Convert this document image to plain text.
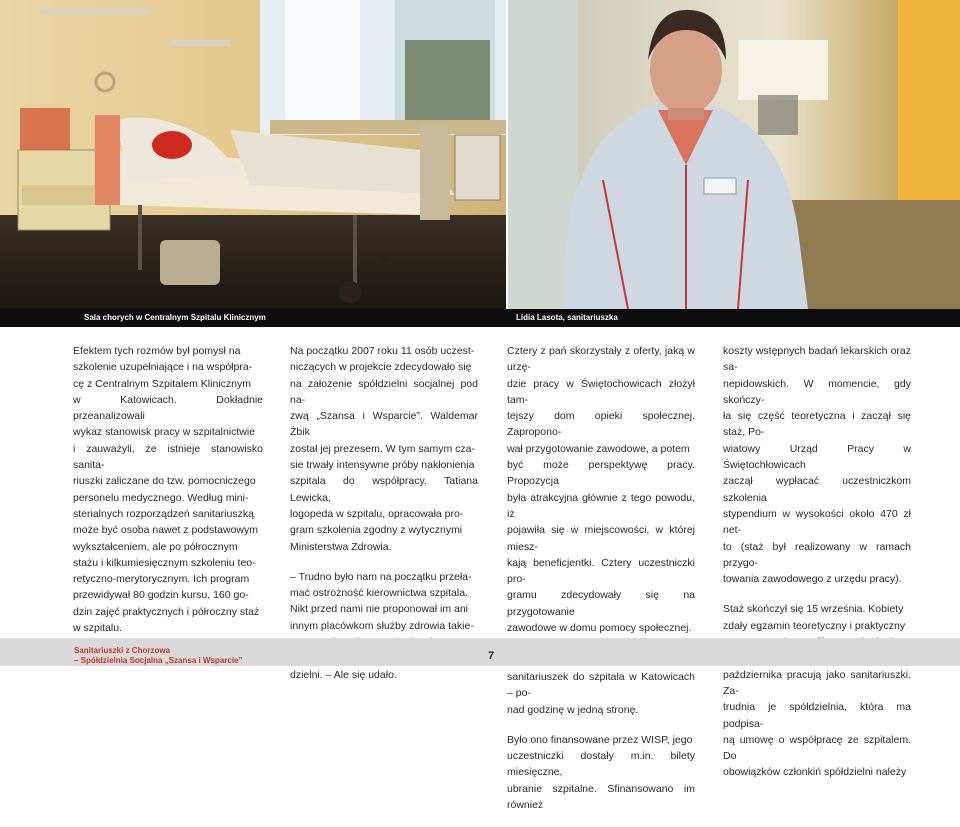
Sala chorych w Centralnym Szpitalu Klinicznym	Lidia Lasota, sanitariuszka

Efektem tych rozmów był pomysł na
szkolenie uzupełniające i na współpra-
cę z Centralnym Szpitalem Klinicznym
w Katowicach. Dokładnie przeanalizowali
wykaz stanowisk pracy w szpitalnictwie
i zauważyli, że istnieje stanowisko sanita-
riuszki zaliczane do tzw. pomocniczego
personelu medycznego. Według mini-
sterialnych rozporządzeń sanitariuszką
może być osoba nawet z podstawowym
wykształceniem, ale po półrocznym
stażu i kilkumiesięcznym szkoleniu teo-
retyczno-merytorycznym. Ich program
przewidywał 80 godzin kursu, 160 go-
dzin zajęć praktycznych i półroczny staż
w szpitalu.

Na początku 2007 roku 11 osób uczest-
niczących w projekcie zdecydowało się
na założenie spółdzielni socjalnej pod na-
zwą „Szansa i Wsparcie”. Waldemar Żbik
został jej prezesem. W tym samym cza-
sie trwały intensywne próby nakłonienia
szpitala do współpracy. Tatiana Lewicka,
logopeda w szpitalu, opracowała pro-
gram szkolenia zgodny z wytycznymi
Ministerstwa Zdrowia.

– Trudno było nam na początku przeła-
mać ostrożność kierownictwa szpitala.
Nikt przed nami nie proponował im ani
innym placówkom służby zdrowia takie-

dzielni. – Ale się udało.

Cztery z pań skorzystały z oferty, jaką w urzę-
dzie pracy w Świętochowicach złożył tam-
tejszy dom opieki społecznej. Zapropono-
wał przygotowanie zawodowe, a potem
być może perspektywę pracy. Propozycja
była atrakcyjna głównie z tego powodu, iż
pojawiła się w miejscowości, w której miesz-
kają beneficjentki. Cztery uczestniczki pro-
gramu zdecydowały się na przygotowanie
zawodowe w domu pomocy społecznej.

sanitariuszek do szpitala w Katowicach – po-
nad godzinę w jedną stronę.

Było ono finansowane przez WISP, jego
uczestniczki dostały m.in. bilety miesięczne,
ubranie szpitalne. Sfinansowano im również

koszty wstępnych badań lekarskich oraz sa-
nepidowskich. W momencie, gdy skończy-
ła się część teoretyczna i zaczął się staż, Po-
wiatowy Urząd Pracy w Świętochłowicach
zaczął wypłacać uczestniczkom szkolenia
stypendium w wysokości około 470 zł net-
to (staż był realizowany w ramach przygo-
towania zawodowego z urzędu pracy).

Staż skończył się 15 września. Kobiety
zdały egzamin teoretyczny i praktyczny

października pracują jako sanitariuszki. Za-
trudnia je spółdzielnia, która ma podpisa-
ną umowę o współpracę ze szpitalem. Do
obowiązków członkiń spółdzielni należy

Sanitariuszki z Chorzowa
– Spółdzielnia Socjalna „Szansa i Wsparcie”	7
